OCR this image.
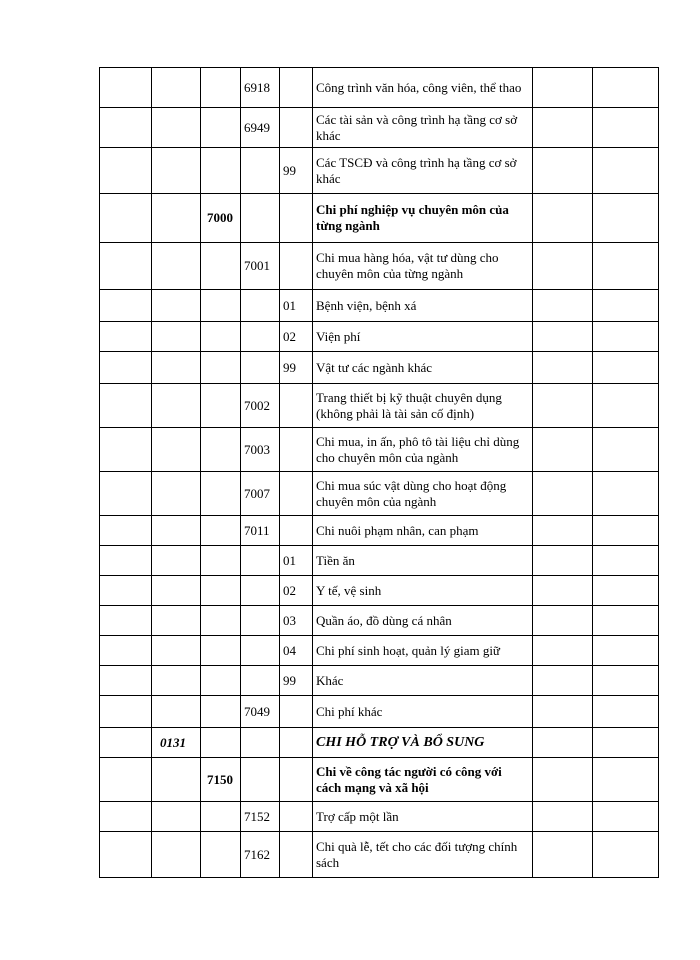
			6918		Công trình văn hóa, công viên, thể thao		
			6949		Các tài sản và công trình hạ tầng cơ sở khác		
				99	Các TSCĐ và công trình hạ tầng cơ sở khác		
		7000			Chi phí nghiệp vụ chuyên môn của từng ngành		
			7001		Chi mua hàng hóa, vật tư dùng cho chuyên môn của từng ngành		
				01	Bệnh viện, bệnh xá		
				02	Viện phí		
				99	Vật tư các ngành khác		
			7002		Trang thiết bị kỹ thuật chuyên dụng (không phải là tài sản cố định)		
			7003		Chi mua, in ấn, phô tô tài liệu chỉ dùng cho chuyên môn của ngành		
			7007		Chi mua súc vật dùng cho hoạt động chuyên môn của ngành		
			7011		Chi nuôi phạm nhân, can phạm		
				01	Tiền ăn		
				02	Y tế, vệ sinh		
				03	Quần áo, đồ dùng cá nhân		
				04	Chi phí sinh hoạt, quản lý giam giữ		
				99	Khác		
			7049		Chi phí khác		
	0131				CHI HỖ TRỢ VÀ BỔ SUNG		
		7150			Chi về công tác người có công với cách mạng và xã hội		
			7152		Trợ cấp một lần		
			7162		Chi quà lễ, tết cho các đối tượng chính sách		
